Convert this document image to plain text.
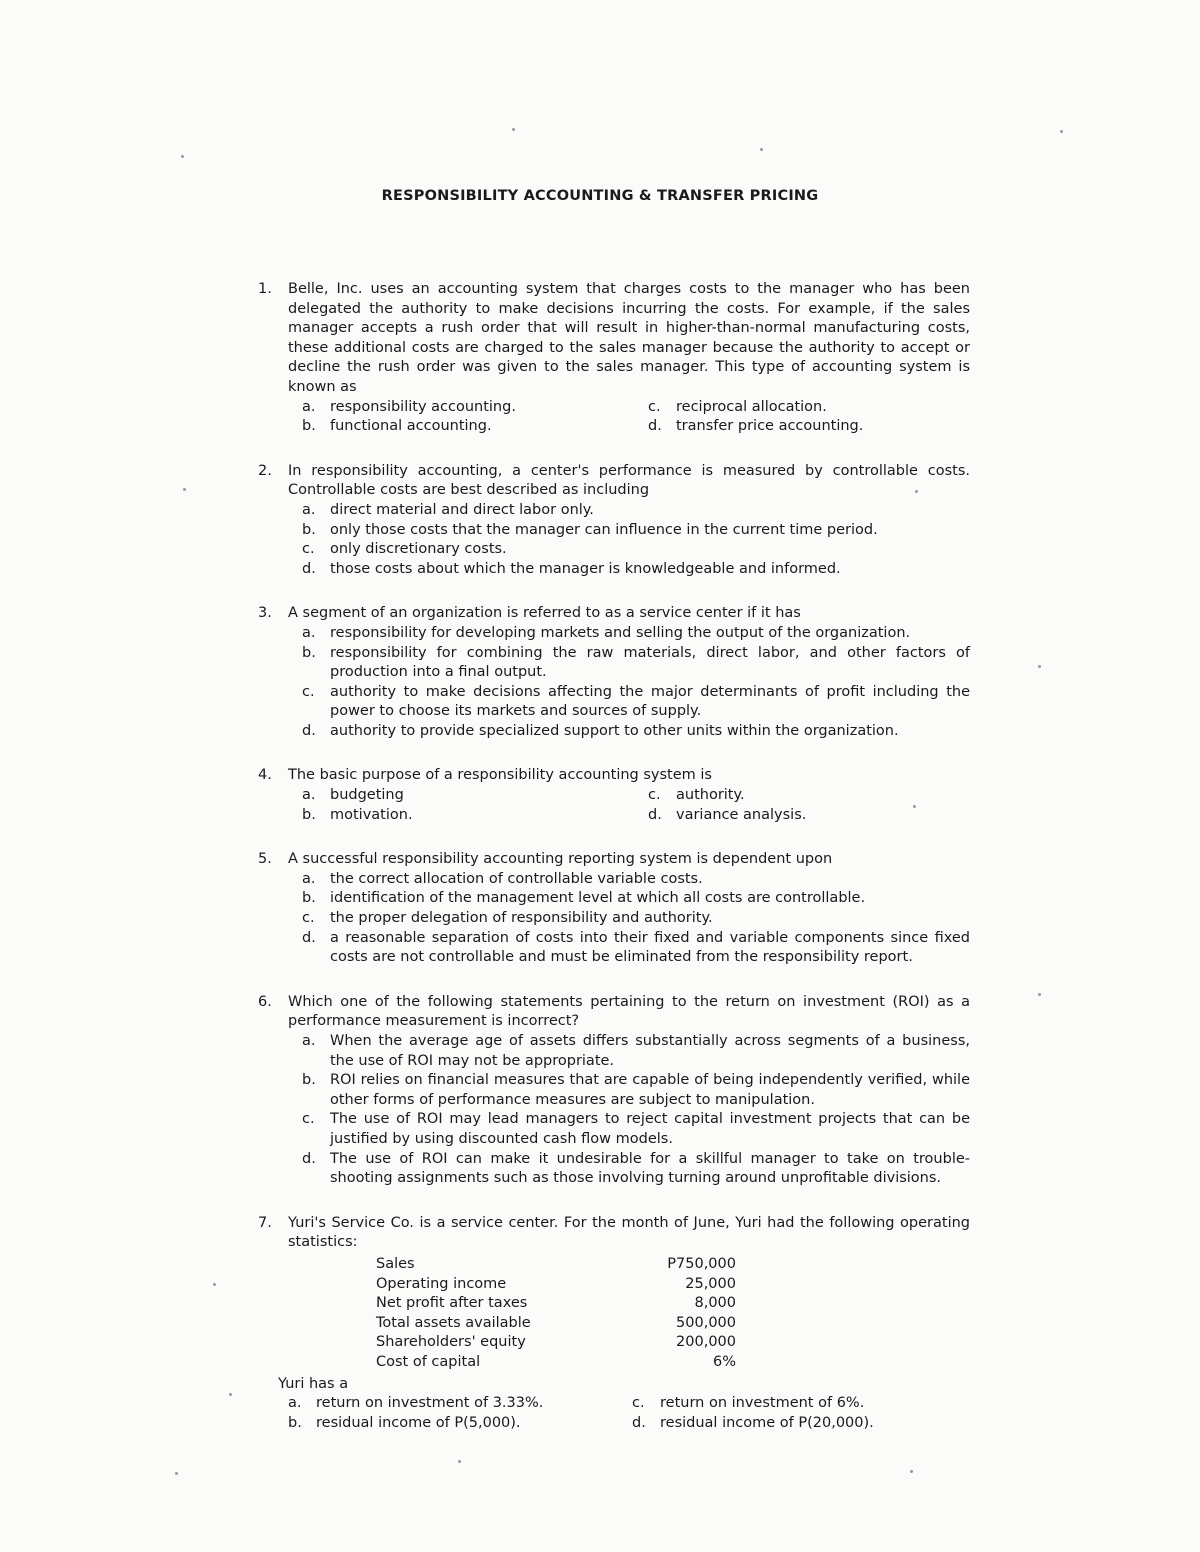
RESPONSIBILITY ACCOUNTING & TRANSFER PRICING
1.	Belle, Inc. uses an accounting system that charges costs to the manager who has been delegated the authority to make decisions incurring the costs. For example, if the sales manager accepts a rush order that will result in higher-than-normal manufacturing costs, these additional costs are charged to the sales manager because the authority to accept or decline the rush order was given to the sales manager. This type of accounting system is known as
a.	responsibility accounting.	c.	reciprocal allocation.
b. functional accounting.	d. transfer price accounting.
2.	In responsibility accounting, a center's performance is measured by controllable costs. Controllable costs are best described as including
a.	direct material and direct labor only.
b. only those costs that the manager can influence in the current time period.
c.	only discretionary costs.
d. those costs about which the manager is knowledgeable and informed.
3.	A segment of an organization is referred to as a service center if it has
a.	responsibility for developing markets and selling the output of the organization.
b. responsibility for combining the raw materials, direct labor, and other factors of production into a final output.
c.	authority to make decisions affecting the major determinants of profit including the power to choose its markets and sources of supply.
d. authority to provide specialized support to other units within the organization.
4.	The basic purpose of a responsibility accounting system is
a.	budgeting	c.	authority.
b. motivation.	d. variance analysis.
5.	A successful responsibility accounting reporting system is dependent upon
a.	the correct allocation of controllable variable costs.
b. identification of the management level at which all costs are controllable.
c.	the proper delegation of responsibility and authority.
d. a reasonable separation of costs into their fixed and variable components since fixed costs are not controllable and must be eliminated from the responsibility report.
6.	Which one of the following statements pertaining to the return on investment (ROI) as a performance measurement is incorrect?
a.	When the average age of assets differs substantially across segments of a business, the use of ROI may not be appropriate.
b. ROI relies on financial measures that are capable of being independently verified, while other forms of performance measures are subject to manipulation.
c.	The use of ROI may lead managers to reject capital investment projects that can be justified by using discounted cash flow models.
d. The use of ROI can make it undesirable for a skillful manager to take on trouble-shooting assignments such as those involving turning around unprofitable divisions.
7.	Yuri's Service Co. is a service center. For the month of June, Yuri had the following operating statistics:
Sales	P750,000
Operating income	25,000
Net profit after taxes	8,000
Total assets available	500,000
Shareholders' equity	200,000
Cost of capital	6%
Yuri has a
a.	return on investment of 3.33%.	c.	return on investment of 6%.
b. residual income of P(5,000).	d. residual income of P(20,000).
